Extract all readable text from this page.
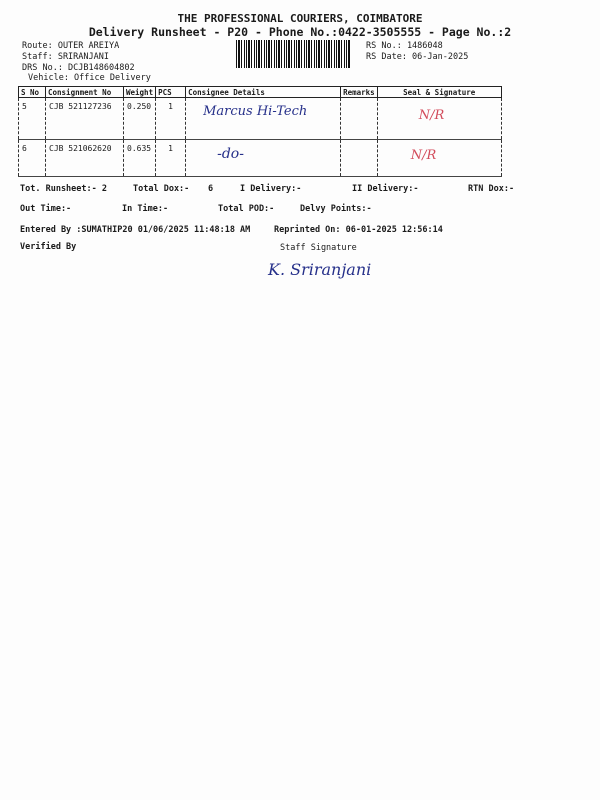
THE PROFESSIONAL COURIERS, COIMBATORE
Delivery Runsheet - P20 - Phone No.:0422-3505555 - Page No.:2
Route: OUTER AREIYA
Staff: SRIRANJANI
DRS No.: DCJB148604802
Vehicle: Office Delivery
RS No.: 1486048
RS Date: 06-Jan-2025
S No	Consignment No	Weight	PCS	Consignee Details	Remarks	Seal & Signature
5	CJB 521127236	0.250	1	Marcus Hi-Tech		N/R
6	CJB 521062620	0.635	1	-do-		N/R
Tot. Runsheet:- 2	Total Dox:- 6	I Delivery:-	II Delivery:-	RTN Dox:-
Out Time:-	In Time:-	Total POD:-	Delvy Points:-
Entered By :SUMATHIP20 01/06/2025 11:48:18 AM	Reprinted On: 06-01-2025 12:56:14
Verified By	Staff Signature
K. Sriranjani
